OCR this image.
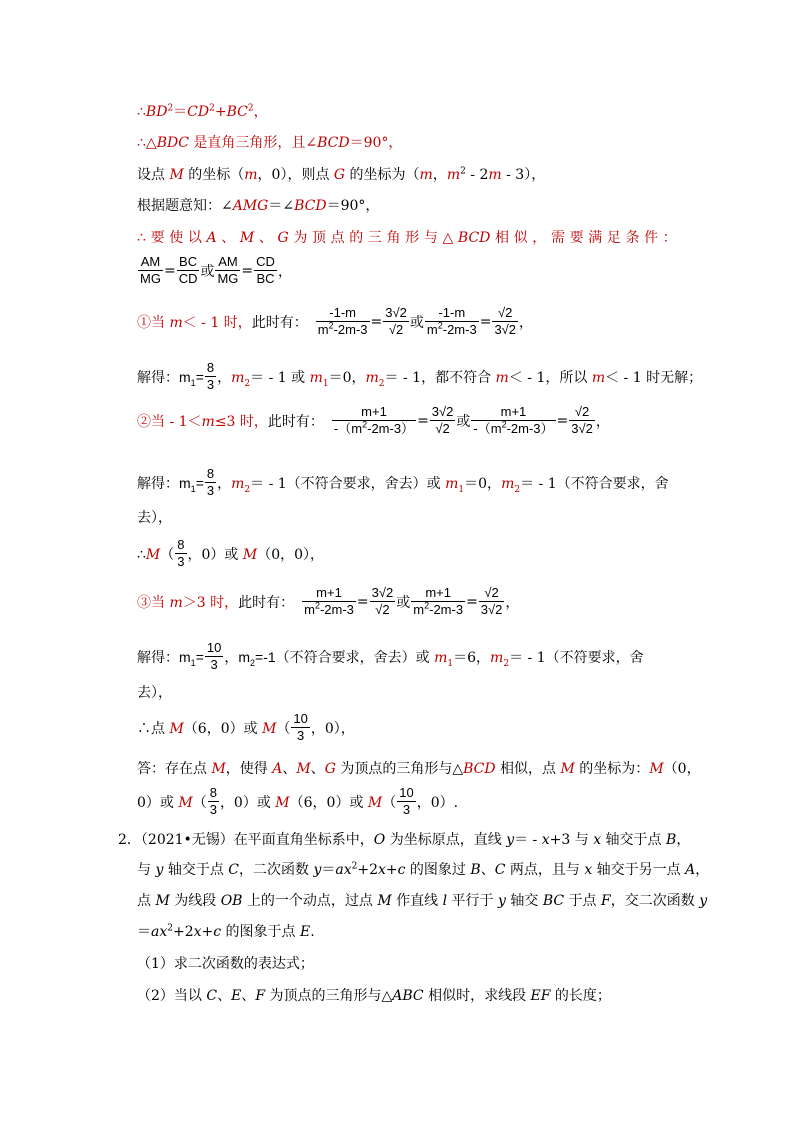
$\therefore BD^2=CD^2+BC^2$，
∴△BDC 是直角三角形，且∠BCD＝90°，
设点 M 的坐标（m，0），则点 G 的坐标为（m，$m^2 - 2m - 3$），
根据题意知：∠AMG＝∠BCD＝90°，
∴ 要 使 以 A 、 M 、 G 为 顶 点 的 三 角 形 与 △ BCD 相 似 ， 需 要 满 足 条 件 ：
$\frac{AM}{MG} = \frac{BC}{CD}$ 或 $\frac{AM}{MG} = \frac{CD}{BC}$ ，
①当 m＜ - 1 时， 此时有： $\frac{-1-m}{m^2-2m-3} = \frac{3√2}{√2}$ 或 $\frac{-1-m}{m^2-2m-3} = \frac{√2}{3√2}$ ，
解得： $m_1= \frac{8}{3}$ ，$m_2= - 1$ 或 $m_1=0$，$m_2= - 1$，都不符合 m＜ - 1，所以 m＜ - 1 时无解；
②当 - 1＜m≤3 时， 此时有： $\frac{m+1}{-(m^2-2m-3)} = \frac{3√2}{√2}$ 或 $\frac{m+1}{-(m^2-2m-3)} = \frac{√2}{3√2}$ ，
解得： $m_1= \frac{8}{3}$ ，$m_2= - 1$（不符合要求，舍去）或 $m_1=0$，$m_2= - 1$（不符合要求，舍
去），
∴M（ $\frac{8}{3}$ ，0）或 M（0，0），
③当 m＞3 时， 此时有： $\frac{m+1}{m^2-2m-3} = \frac{3√2}{√2}$ 或 $\frac{m+1}{m^2-2m-3} = \frac{√2}{3√2}$ ，
解得： $m_1= \frac{10}{3}$ ，$m_2=-1$（不符合要求，舍去）或 $m_1=6$，$m_2= - 1$（不符要求，舍
去），
∴点 M（6，0）或 $M( \frac{10}{3}$ ，0），
答：存在点 M，使得 A、M、G 为顶点的三角形与△BCD 相似，点 M 的坐标为：M（0，
0）或 $M( \frac{8}{3}$ ，0）或 M（6，0）或 $M( \frac{10}{3}$ ，0）.
2．（2021•无锡）在平面直角坐标系中，O 为坐标原点，直线 y＝ - x+3 与 x 轴交于点 B，
与 y 轴交于点 C，二次函数 $y=ax^2+2x+c$ 的图象过 B、C 两点，且与 x 轴交于另一点 A，
点 M 为线段 OB 上的一个动点，过点 M 作直线 l 平行于 y 轴交 BC 于点 F，交二次函数 y
$=ax^2+2x+c$ 的图象于点 E.
（1）求二次函数的表达式；
（2）当以 C、E、F 为顶点的三角形与△ABC 相似时，求线段 EF 的长度；
